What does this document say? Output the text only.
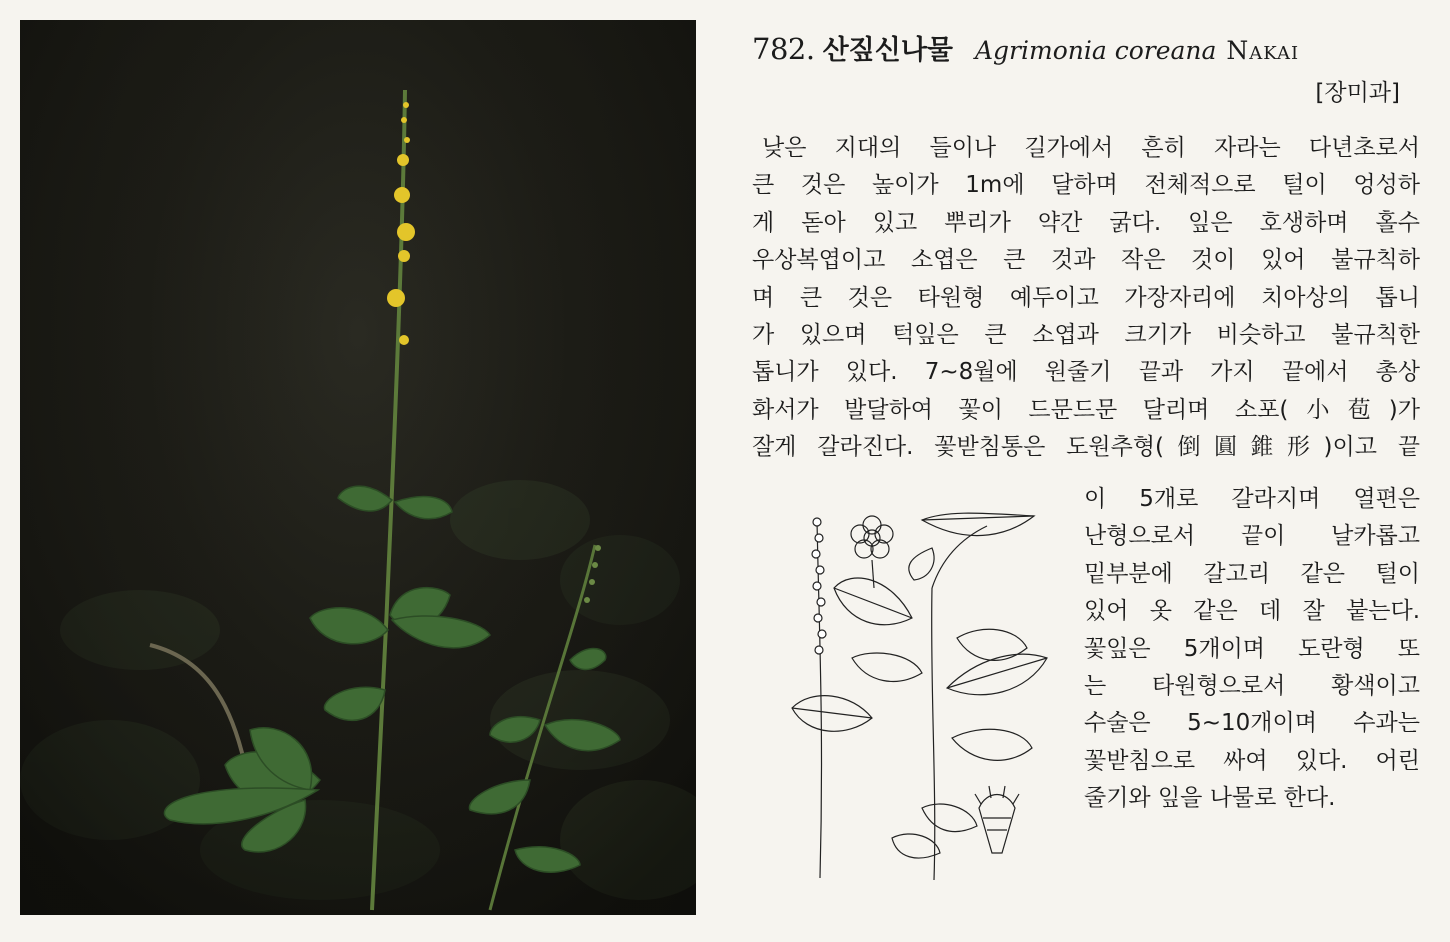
782. 산짚신나물 Agrimonia coreana Nakai
[장미과]

낮은 지대의 들이나 길가에서 흔히 자라는 다년초로서
큰 것은 높이가 1m에 달하며 전체적으로 털이 엉성하
게 돋아 있고 뿌리가 약간 굵다. 잎은 호생하며 홀수
우상복엽이고 소엽은 큰 것과 작은 것이 있어 불규칙하
며 큰 것은 타원형 예두이고 가장자리에 치아상의 톱니
가 있으며 턱잎은 큰 소엽과 크기가 비슷하고 불규칙한
톱니가 있다. 7~8월에 원줄기 끝과 가지 끝에서 총상
화서가 발달하여 꽃이 드문드문 달리며 소포(小苞)가
잘게 갈라진다. 꽃받침통은 도원추형(倒圓錐形)이고 끝

이 5개로 갈라지며 열편은
난형으로서 끝이 날카롭고
밑부분에 갈고리 같은 털이
있어 옷 같은 데 잘 붙는다.
꽃잎은 5개이며 도란형 또
는 타원형으로서 황색이고
수술은 5~10개이며 수과는
꽃받침으로 싸여 있다. 어린
줄기와 잎을 나물로 한다.
